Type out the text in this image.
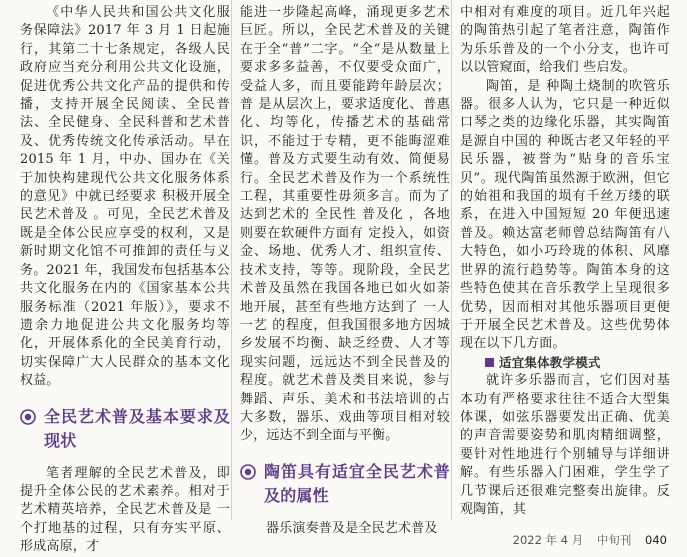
《中华人民共和国公共文化服务保障法》2017 年 3 月 1 日起施行，其第二十七条规定，各级人民政府应当充分利用公共文化设施，促进优秀公共文化产品的提供和传播，支持开展全民阅读、全民普法、全民健身、全民科普和艺术普及、优秀传统文化传承活动。早在 2015 年 1 月，中办、国办在《关于加快构建现代公共文化服务体系的意见》中就已经要求 积极开展全民艺术普及 。可见，全民艺术普及既是全体公民应享受的权利，又是新时期文化馆不可推卸的责任与义务。2021 年，我国发布包括基本公共文化服务在内的《国家基本公共服务标准（2021 年版）》，要求不遗余力地促进公共文化服务均等化，开展体系化的全民美育行动，切实保障广大人民群众的基本文化权益。

全民艺术普及基本要求及现状

笔者理解的全民艺术普及，即提升全体公民的艺术素养。相对于艺术精英培养，全民艺术普及是 一个打地基的过程，只有夯实平原、形成高原，才

能进一步隆起高峰，涌现更多艺术巨匠。所以，全民艺术普及的关键在于全“普”二字。“全”是从数量上要求多多益善，不仅要受众面广，受益人多，而且要能跨年龄层次；普 是从层次上，要求适度化、普惠化、均等化，传播艺术的基础常识，不能过于专精，更不能晦涩难懂。普及方式要生动有效、简便易行。全民艺术普及作为一个系统性工程，其重要性毋须多言。而为了达到艺术的 全民性 普及化 ，各地则要在软硬件方面有 定投入，如资金、场地、优秀人才、组织宣传、技术支持，等等。现阶段，全民艺术普及虽然在我国各地已如火如荼地开展，甚至有些地方达到了 一人一艺 的程度，但我国很多地方因城乡发展不均衡、缺乏经费、人才等现实问题，远远达不到全民普及的程度。就艺术普及类目来说，参与舞蹈、声乐、美术和书法培训的占大多数，器乐、戏曲等项目相对较少，远达不到全面与平衡。

陶笛具有适宜全民艺术普及的属性

器乐演奏普及是全民艺术普及

中相对有难度的项目。近几年兴起的陶笛热引起了笔者注意，陶笛作为乐乐普及的一个小分支，也许可以以管窥面，给我们 些启发。

陶笛，是 种陶土烧制的吹管乐器。很多人认为，它只是一种近似口琴之类的边缘化乐器，其实陶笛是源自中国的 种既古老又年轻的平民乐器，被誉为“贴身的音乐宝贝”。现代陶笛虽然源于欧洲，但它的始祖和我国的埙有千丝万缕的联系，在进入中国短短 20 年便迅速普及。赖达富老师曾总结陶笛有八大特色，如小巧玲珑的体积、风靡世界的流行趋势等。陶笛本身的这些特色使其在音乐教学上呈现很多优势，因而相对其他乐器项目更便于开展全民艺术普及。这些优势体现在以下几方面。

适宜集体教学模式

就许多乐器而言，它们因对基本功有严格要求往往不适合大型集体课，如弦乐器要发出正确、优美的声音需要姿势和肌肉精细调整，要针对性地进行个别辅导与详细讲解。有些乐器入门困难，学生学了几节课后还很难完整奏出旋律。反观陶笛，其

2022 年 4 月 中旬刊 040
